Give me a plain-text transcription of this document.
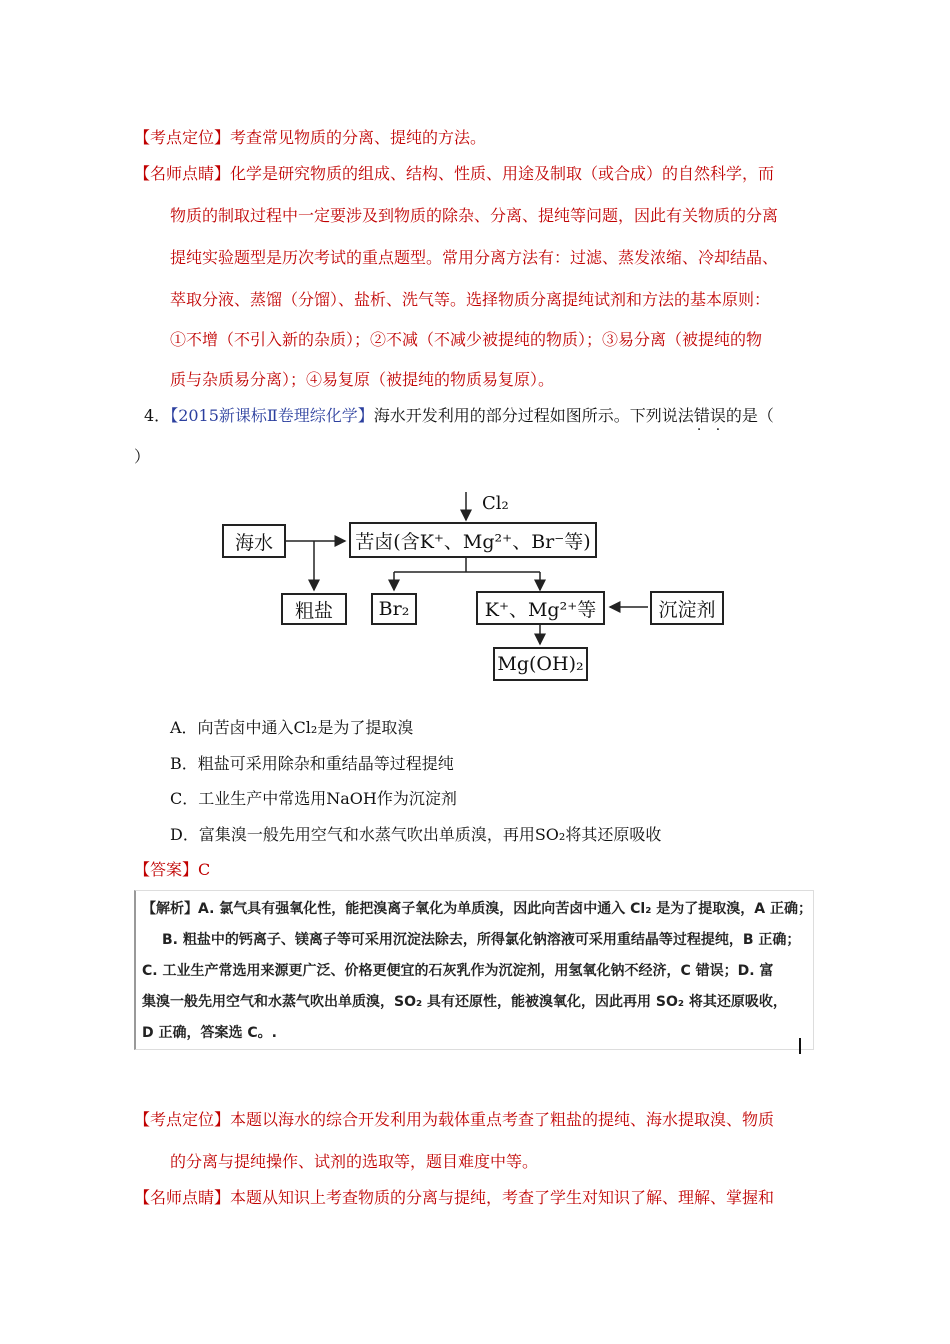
【考点定位】考查常见物质的分离、提纯的方法。
【名师点睛】化学是研究物质的组成、结构、性质、用途及制取（或合成）的自然科学，而
物质的制取过程中一定要涉及到物质的除杂、分离、提纯等问题，因此有关物质的分离
提纯实验题型是历次考试的重点题型。常用分离方法有：过滤、蒸发浓缩、冷却结晶、
萃取分液、蒸馏（分馏）、盐析、洗气等。选择物质分离提纯试剂和方法的基本原则：
①不增（不引入新的杂质）；②不减（不减少被提纯的物质）；③易分离（被提纯的物
质与杂质易分离）；④易复原（被提纯的物质易复原）。
4．【2015新课标Ⅱ卷理综化学】海水开发利用的部分过程如图所示。下列说法错误 · ·的是（
）
Cl₂
海水	苦卤(含K⁺、Mg²⁺、Br⁻等)
粗盐	Br₂	K⁺、Mg²⁺等	沉淀剂
Mg(OH)₂
A．向苦卤中通入Cl₂是为了提取溴
B．粗盐可采用除杂和重结晶等过程提纯
C．工业生产中常选用NaOH作为沉淀剂
D．富集溴一般先用空气和水蒸气吹出单质溴，再用SO₂将其还原吸收
【答案】C
【解析】A. 氯气具有强氧化性，能把溴离子氧化为单质溴，因此向苦卤中通入 Cl₂ 是为了提取溴，A 正确；
B. 粗盐中的钙离子、镁离子等可采用沉淀法除去，所得氯化钠溶液可采用重结晶等过程提纯，B 正确；
C. 工业生产常选用来源更广泛、价格更便宜的石灰乳作为沉淀剂，用氢氧化钠不经济，C 错误；D. 富
集溴一般先用空气和水蒸气吹出单质溴，SO₂ 具有还原性，能被溴氧化，因此再用 SO₂ 将其还原吸收，
D 正确，答案选 C。.
【考点定位】本题以海水的综合开发利用为载体重点考查了粗盐的提纯、海水提取溴、物质
的分离与提纯操作、试剂的选取等，题目难度中等。
【名师点睛】本题从知识上考查物质的分离与提纯，考查了学生对知识了解、理解、掌握和
